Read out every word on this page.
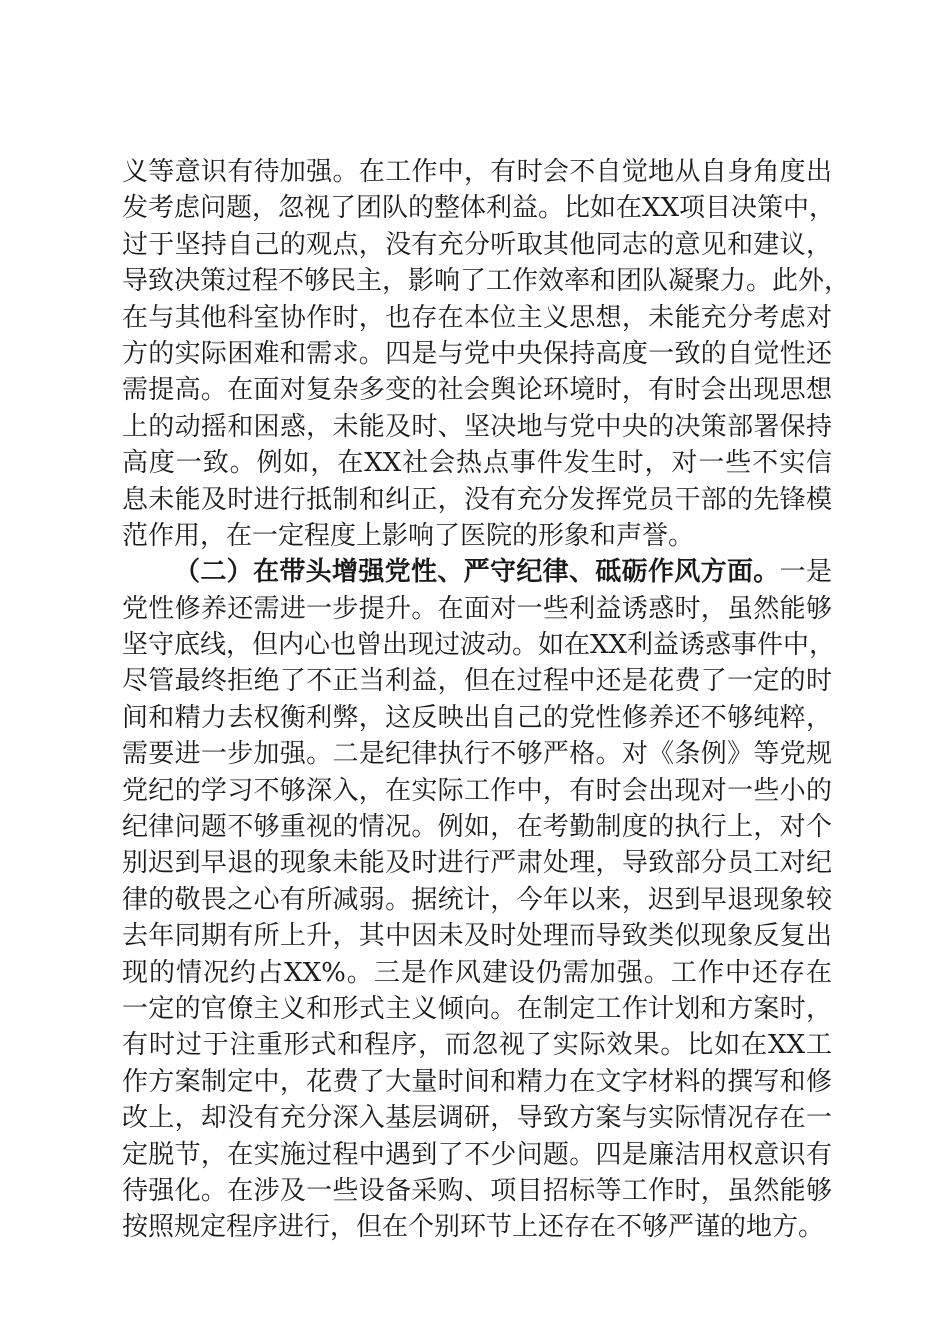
义等意识有待加强。在工作中，有时会不自觉地从自身角度出
发考虑问题，忽视了团队的整体利益。比如在XX项目决策中，
过于坚持自己的观点，没有充分听取其他同志的意见和建议，
导致决策过程不够民主，影响了工作效率和团队凝聚力。此外，
在与其他科室协作时，也存在本位主义思想，未能充分考虑对
方的实际困难和需求。四是与党中央保持高度一致的自觉性还
需提高。在面对复杂多变的社会舆论环境时，有时会出现思想
上的动摇和困惑，未能及时、坚决地与党中央的决策部署保持
高度一致。例如，在XX社会热点事件发生时，对一些不实信
息未能及时进行抵制和纠正，没有充分发挥党员干部的先锋模
范作用，在一定程度上影响了医院的形象和声誉。
（二）在带头增强党性、严守纪律、砥砺作风方面。一是
党性修养还需进一步提升。在面对一些利益诱惑时，虽然能够
坚守底线，但内心也曾出现过波动。如在XX利益诱惑事件中，
尽管最终拒绝了不正当利益，但在过程中还是花费了一定的时
间和精力去权衡利弊，这反映出自己的党性修养还不够纯粹，
需要进一步加强。二是纪律执行不够严格。对《条例》等党规
党纪的学习不够深入，在实际工作中，有时会出现对一些小的
纪律问题不够重视的情况。例如，在考勤制度的执行上，对个
别迟到早退的现象未能及时进行严肃处理，导致部分员工对纪
律的敬畏之心有所减弱。据统计，今年以来，迟到早退现象较
去年同期有所上升，其中因未及时处理而导致类似现象反复出
现的情况约占XX%。三是作风建设仍需加强。工作中还存在
一定的官僚主义和形式主义倾向。在制定工作计划和方案时，
有时过于注重形式和程序，而忽视了实际效果。比如在XX工
作方案制定中，花费了大量时间和精力在文字材料的撰写和修
改上，却没有充分深入基层调研，导致方案与实际情况存在一
定脱节，在实施过程中遇到了不少问题。四是廉洁用权意识有
待强化。在涉及一些设备采购、项目招标等工作时，虽然能够
按照规定程序进行，但在个别环节上还存在不够严谨的地方。
